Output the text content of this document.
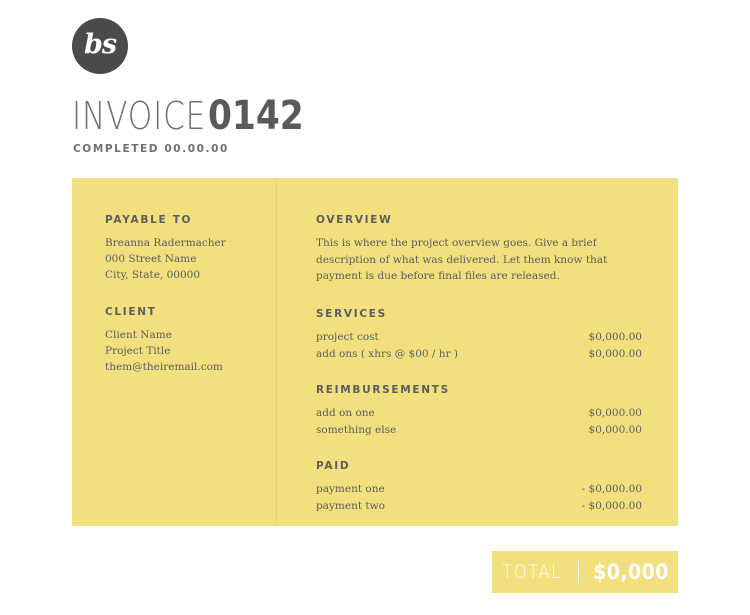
bs
INVOICE 0142
COMPLETED 00.00.00
PAYABLE TO
Breanna Radermacher
000 Street Name
City, State, 00000
CLIENT
Client Name
Project Title
them@theiremail.com
OVERVIEW
This is where the project overview goes. Give a brief description of what was delivered. Let them know that payment is due before final files are released.
SERVICES
project cost	$0,000.00
add ons ( xhrs @ $00 / hr )	$0,000.00
REIMBURSEMENTS
add on one	$0,000.00
something else	$0,000.00
PAID
payment one	- $0,000.00
payment two	- $0,000.00
TOTAL $0,000
